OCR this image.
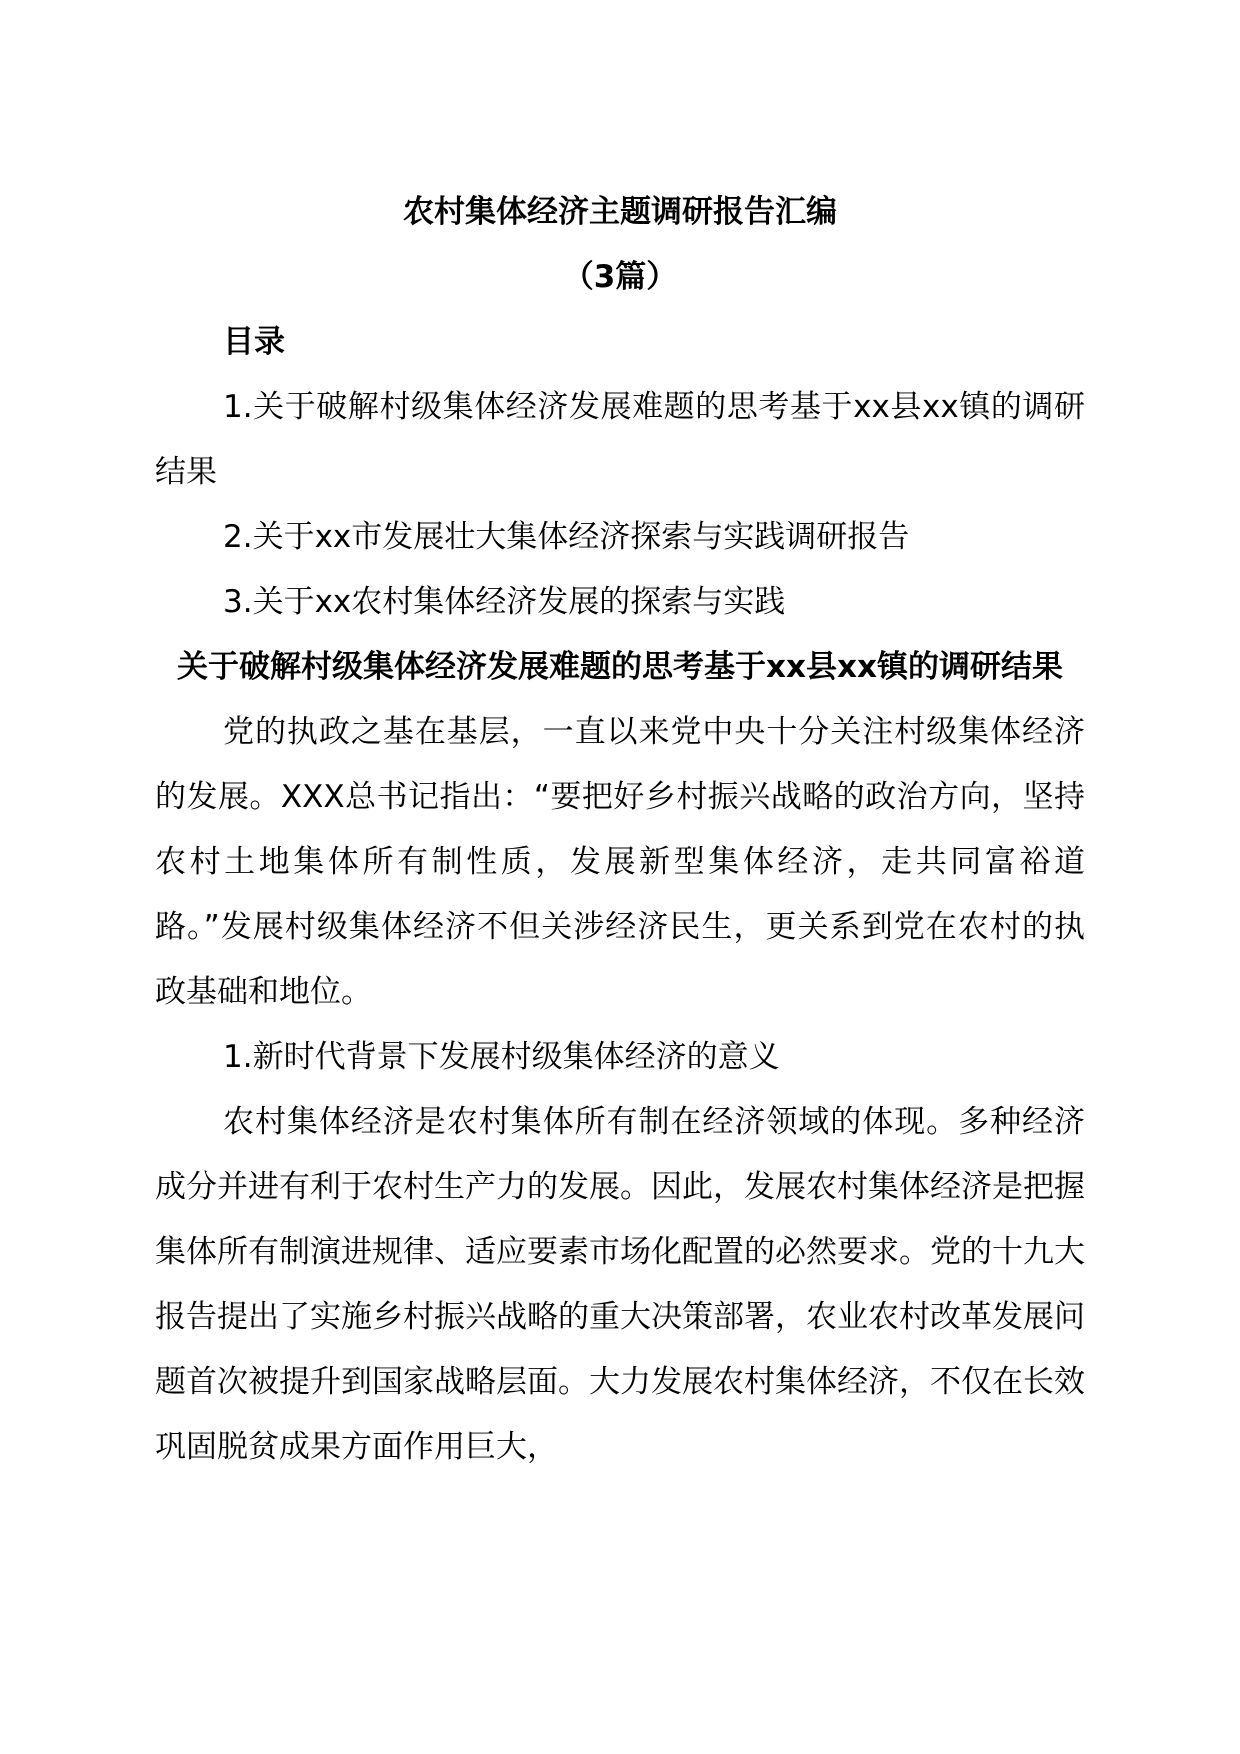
农村集体经济主题调研报告汇编

（3篇）

目录

1.关于破解村级集体经济发展难题的思考基于xx县xx镇的调研结果

2.关于xx市发展壮大集体经济探索与实践调研报告

3.关于xx农村集体经济发展的探索与实践

关于破解村级集体经济发展难题的思考基于xx县xx镇的调研结果

党的执政之基在基层，一直以来党中央十分关注村级集体经济的发展。XXX总书记指出：“要把好乡村振兴战略的政治方向，坚持农村土地集体所有制性质，发展新型集体经济，走共同富裕道路。”发展村级集体经济不但关涉经济民生，更关系到党在农村的执政基础和地位。

1.新时代背景下发展村级集体经济的意义

农村集体经济是农村集体所有制在经济领域的体现。多种经济成分并进有利于农村生产力的发展。因此，发展农村集体经济是把握集体所有制演进规律、适应要素市场化配置的必然要求。党的十九大报告提出了实施乡村振兴战略的重大决策部署，农业农村改革发展问题首次被提升到国家战略层面。大力发展农村集体经济，不仅在长效巩固脱贫成果方面作用巨大，
